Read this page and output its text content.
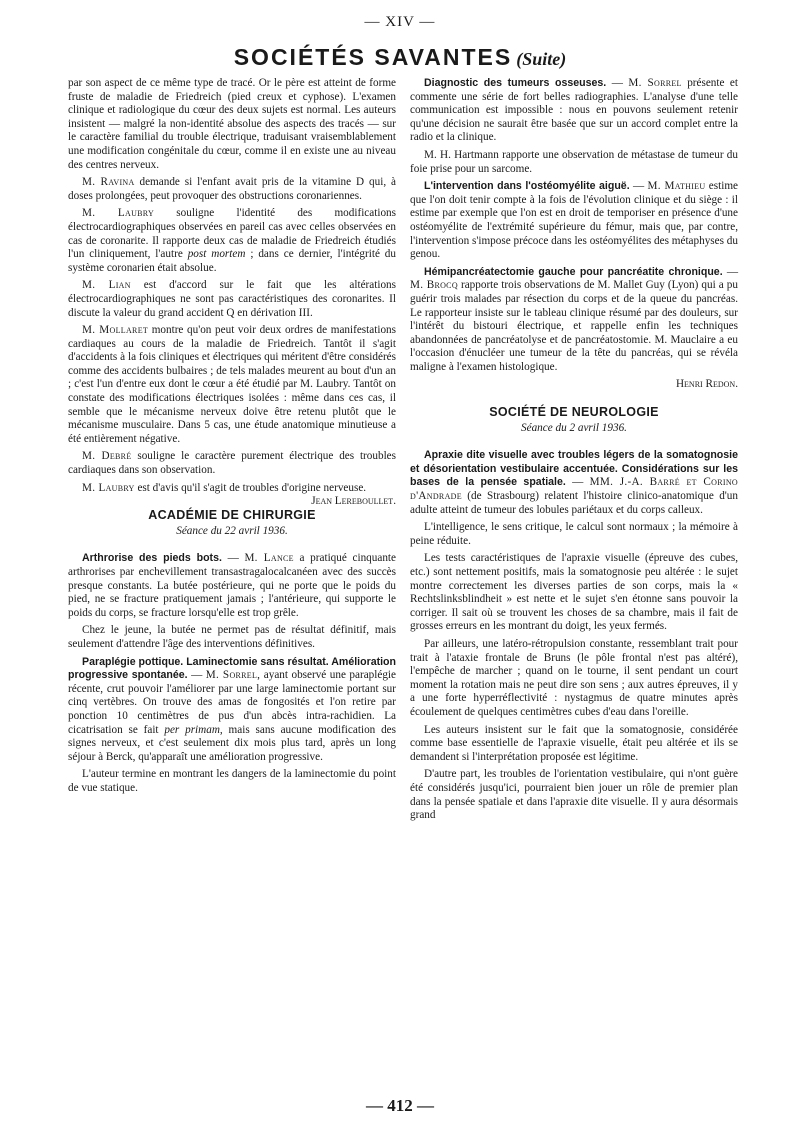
— XIV —
SOCIÉTÉS SAVANTES (Suite)

par son aspect de ce même type de tracé. Or le père est atteint de forme fruste de maladie de Friedreich (pied creux et cyphose). L'examen clinique et radiologique du cœur des deux sujets est normal. Les auteurs insistent — malgré la non-identité absolue des aspects des tracés — sur le caractère familial du trouble électrique, traduisant vraisemblablement une modification congénitale du cœur, comme il en existe une au niveau des centres nerveux.

M. Ravina demande si l'enfant avait pris de la vitamine D qui, à doses prolongées, peut provoquer des obstructions coronariennes.

M. Laubry souligne l'identité des modifications électrocardiographiques observées en pareil cas avec celles observées en cas de coronarite. Il rapporte deux cas de maladie de Friedreich étudiés l'un cliniquement, l'autre post mortem ; dans ce dernier, l'intégrité du système coronarien était absolue.

M. Lian est d'accord sur le fait que les altérations électrocardiographiques ne sont pas caractéristiques des coronarites. Il discute la valeur du grand accident Q en dérivation III.

M. Mollaret montre qu'on peut voir deux ordres de manifestations cardiaques au cours de la maladie de Friedreich. Tantôt il s'agit d'accidents à la fois cliniques et électriques qui méritent d'être considérés comme des accidents bulbaires ; de tels malades meurent au bout d'un an ; c'est l'un d'entre eux dont le cœur a été étudié par M. Laubry. Tantôt on constate des modifications électriques isolées : même dans ces cas, il semble que le mécanisme nerveux doive être retenu plutôt que le mécanisme musculaire. Dans 5 cas, une étude anatomique minutieuse a été entièrement négative.

M. Debré souligne le caractère purement électrique des troubles cardiaques dans son observation.

M. Laubry est d'avis qu'il s'agit de troubles d'origine nerveuse.
Jean Lereboullet.

ACADÉMIE DE CHIRURGIE
Séance du 22 avril 1936.

Arthrorise des pieds bots. — M. Lance a pratiqué cinquante arthrorises par enchevillement transastragalocalcanéen avec des succès presque constants. La butée postérieure, qui ne porte que le poids du pied, ne se fracture pratiquement jamais ; l'antérieure, qui supporte le poids du corps, se fracture lorsqu'elle est trop grêle.

Chez le jeune, la butée ne permet pas de résultat définitif, mais seulement d'attendre l'âge des interventions définitives.

Paraplégie pottique. Laminectomie sans résultat. Amélioration progressive spontanée. — M. Sorrel, ayant observé une paraplégie récente, crut pouvoir l'améliorer par une large laminectomie portant sur cinq vertèbres. On trouve des amas de fongosités et l'on retire par ponction 10 centimètres de pus d'un abcès intra-rachidien. La cicatrisation se fait per primam, mais sans aucune modification des signes nerveux, et c'est seulement dix mois plus tard, après un long séjour à Berck, qu'apparaît une amélioration progressive.

L'auteur termine en montrant les dangers de la laminectomie du point de vue statique.

Diagnostic des tumeurs osseuses. — M. Sorrel présente et commente une série de fort belles radiographies. L'analyse d'une telle communication est impossible : nous en pouvons seulement retenir qu'une décision ne saurait être basée que sur un accord complet entre la radio et la clinique.

M. H. Hartmann rapporte une observation de métastase de tumeur du foie prise pour un sarcome.

L'intervention dans l'ostéomyélite aiguë. — M. Mathieu estime que l'on doit tenir compte à la fois de l'évolution clinique et du siège : il estime par exemple que l'on est en droit de temporiser en présence d'une ostéomyélite de l'extrémité supérieure du fémur, mais que, par contre, l'intervention s'impose précoce dans les ostéomyélites des métaphyses du genou.

Hémipancréatectomie gauche pour pancréatite chronique. — M. Brocq rapporte trois observations de M. Mallet Guy (Lyon) qui a pu guérir trois malades par résection du corps et de la queue du pancréas. Le rapporteur insiste sur le tableau clinique résumé par des douleurs, sur l'intérêt du bistouri électrique, et rappelle enfin les techniques abandonnées de pancréatolyse et de pancréatostomie. M. Mauclaire a eu l'occasion d'énucléer une tumeur de la tête du pancréas, qui se révéla maligne à l'examen histologique.

Henri Redon.
SOCIÉTÉ DE NEUROLOGIE
Séance du 2 avril 1936.

Apraxie dite visuelle avec troubles légers de la somatognosie et désorientation vestibulaire accentuée. Considérations sur les bases de la pensée spatiale. — MM. J.-A. Barré et Corino d'Andrade (de Strasbourg) relatent l'histoire clinico-anatomique d'un adulte atteint de tumeur des lobules pariétaux et du corps calleux.

L'intelligence, le sens critique, le calcul sont normaux ; la mémoire à peine réduite.

Les tests caractéristiques de l'apraxie visuelle (épreuve des cubes, etc.) sont nettement positifs, mais la somatognosie peu altérée : le sujet montre correctement les diverses parties de son corps, mais la « Rechtslinksblindheit » est nette et le sujet s'en étonne sans pouvoir la corriger. Il sait où se trouvent les choses de sa chambre, mais il fait de grosses erreurs en les montrant du doigt, les yeux fermés.

Par ailleurs, une latéro-rétropulsion constante, ressemblant trait pour trait à l'ataxie frontale de Bruns (le pôle frontal n'est pas altéré), l'empêche de marcher ; quand on le tourne, il sent pendant un court moment la rotation mais ne peut dire son sens ; aux autres épreuves, il y a une forte hyperréflectivité : nystagmus de quatre minutes après écoulement de quelques centimètres cubes d'eau dans l'oreille.

Les auteurs insistent sur le fait que la somatognosie, considérée comme base essentielle de l'apraxie visuelle, était peu altérée et ils se demandent si l'interprétation proposée est légitime.

D'autre part, les troubles de l'orientation vestibulaire, qui n'ont guère été considérés jusqu'ici, pourraient bien jouer un rôle de premier plan dans la pensée spatiale et dans l'apraxie dite visuelle. Il y aura désormais grand

— 412 —
